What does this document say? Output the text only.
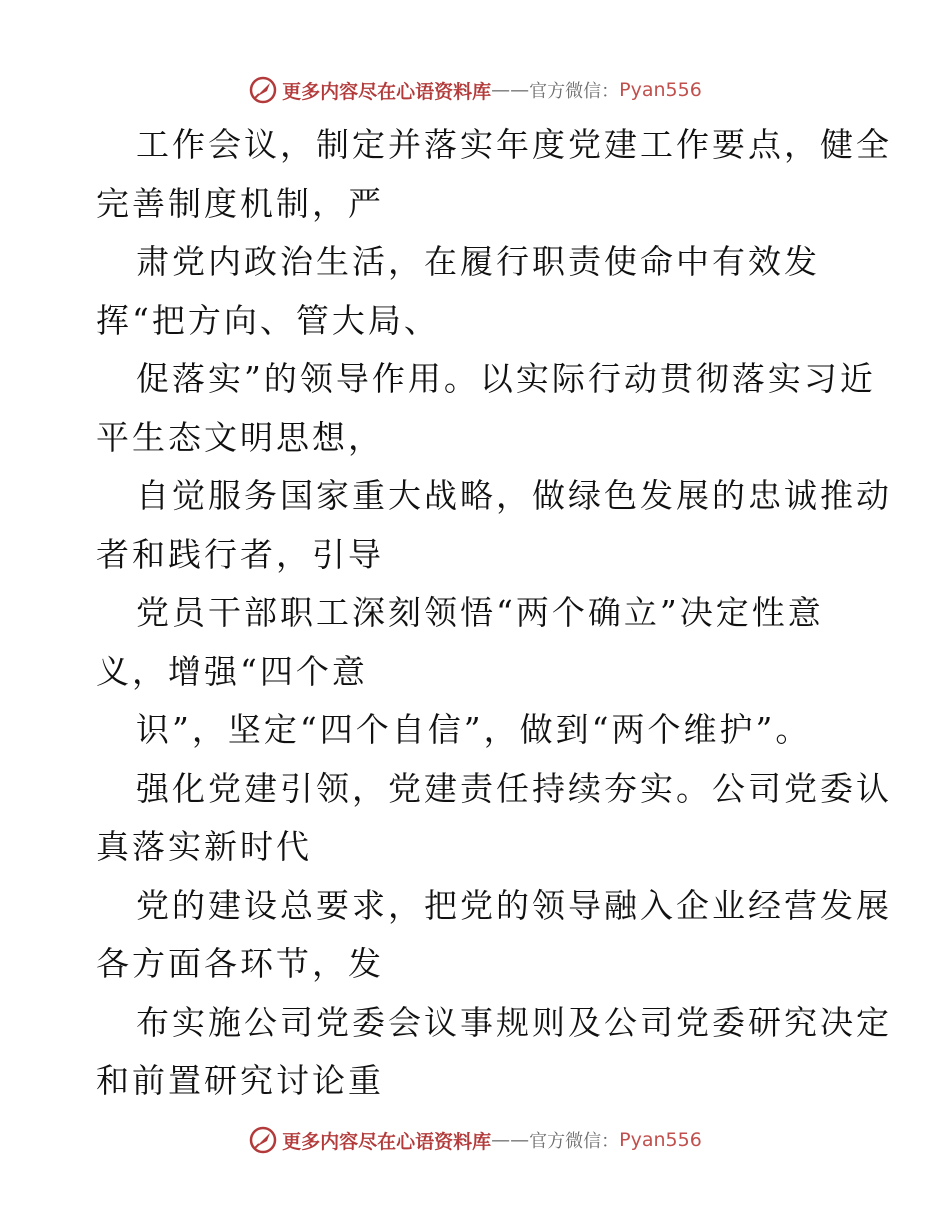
更多内容尽在心语资料库 —— 官方微信： Pyan556
工作会议，制定并落实年度党建工作要点，健全
完善制度机制，严
肃党内政治生活，在履行职责使命中有效发
挥“把方向、管大局、
促落实”的领导作用。以实际行动贯彻落实习近
平生态文明思想，
自觉服务国家重大战略，做绿色发展的忠诚推动
者和践行者，引导
党员干部职工深刻领悟“两个确立”决定性意
义，增强“四个意
识”，坚定“四个自信”，做到“两个维护”。
强化党建引领，党建责任持续夯实。公司党委认
真落实新时代
党的建设总要求，把党的领导融入企业经营发展
各方面各环节，发
布实施公司党委会议事规则及公司党委研究决定
和前置研究讨论重
更多内容尽在心语资料库 —— 官方微信： Pyan556
